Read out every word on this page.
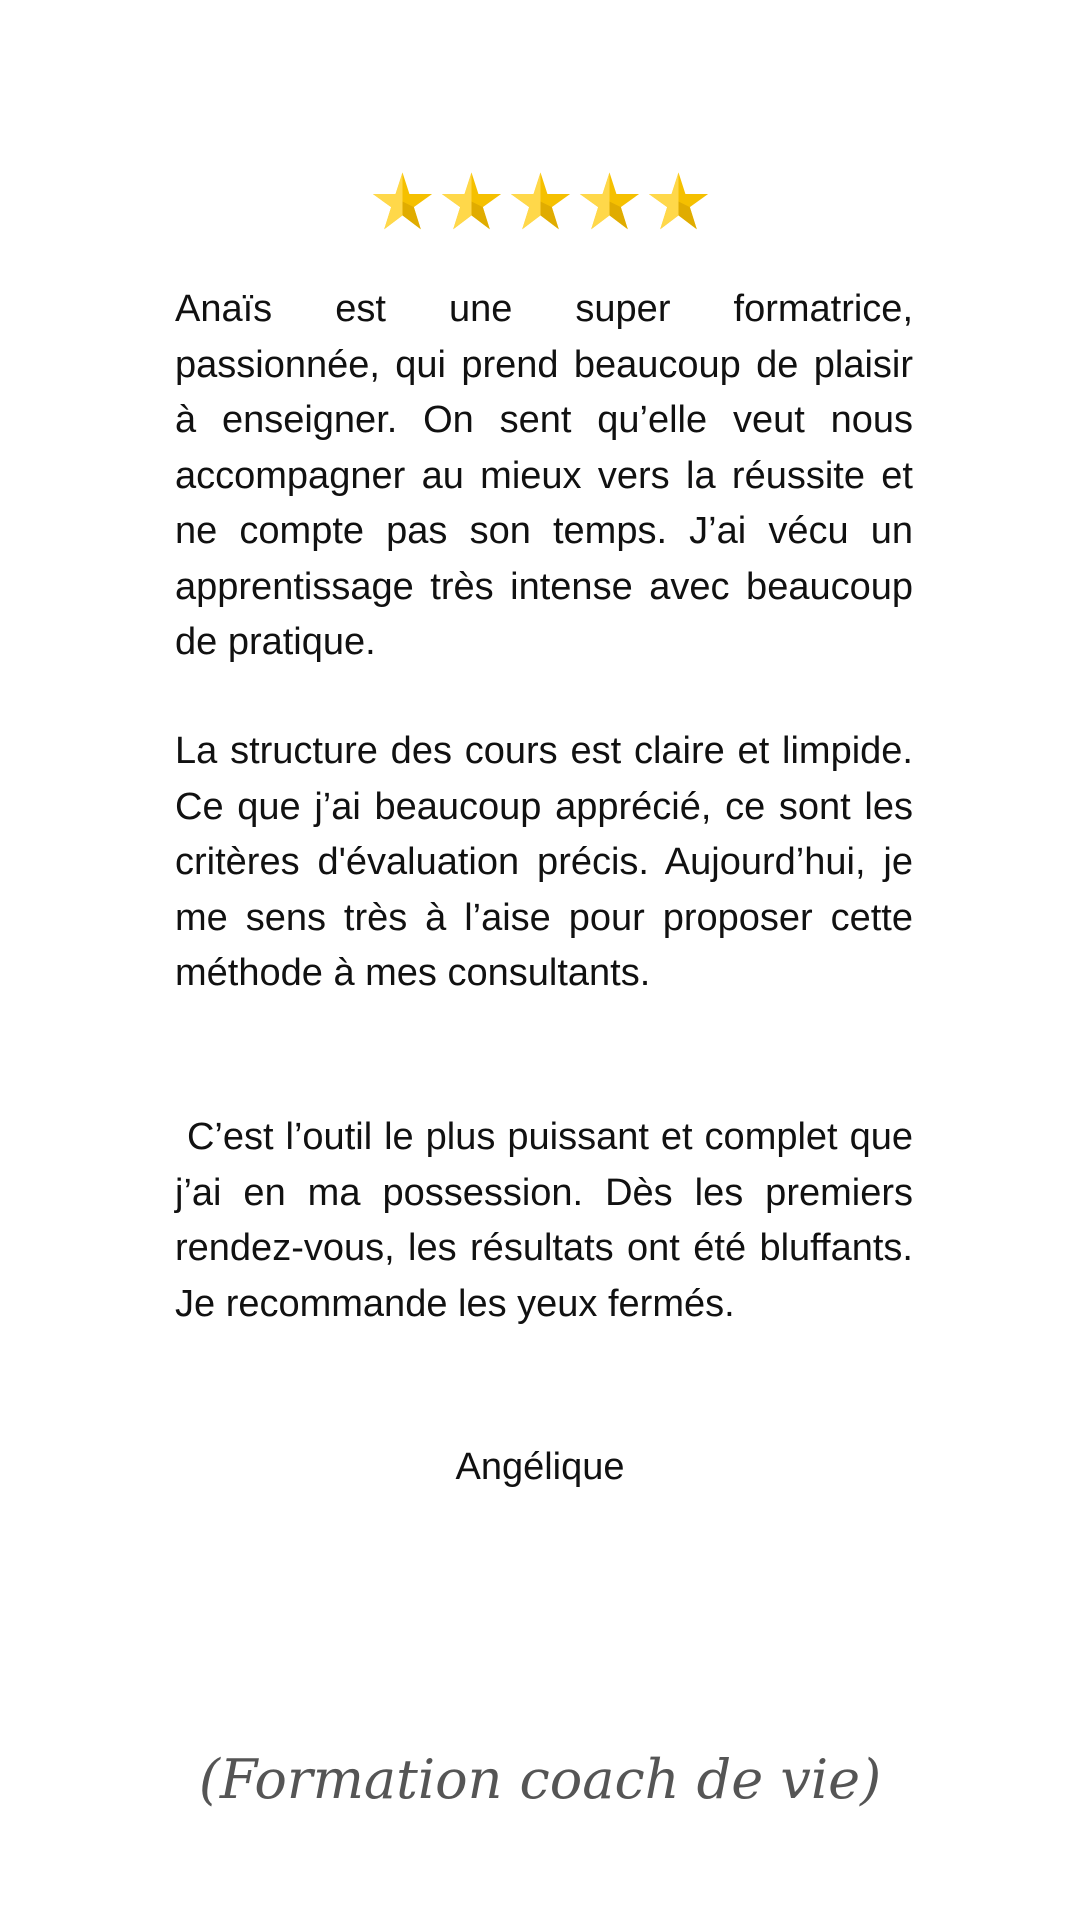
Anaïs est une super formatrice, passionnée, qui prend beaucoup de plaisir à enseigner. On sent qu’elle veut nous accompagner au mieux vers la réussite et ne compte pas son temps. J’ai vécu un apprentissage très intense avec beaucoup de pratique.

La structure des cours est claire et limpide. Ce que j’ai beaucoup apprécié, ce sont les critères d'évaluation précis. Aujourd’hui, je me sens très à l’aise pour proposer cette méthode à mes consultants.

C’est l’outil le plus puissant et complet que j’ai en ma possession. Dès les premiers rendez-vous, les résultats ont été bluffants. Je recommande les yeux fermés.

Angélique
(Formation coach de vie)
